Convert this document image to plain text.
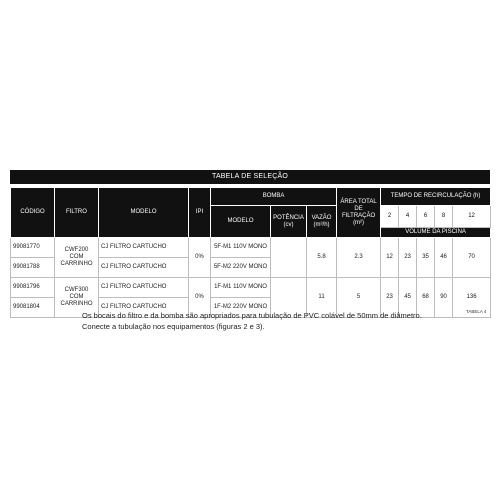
TABELA DE SELEÇÃO
CÓDIGO	FILTRO	MODELO	IPI	BOMBA			ÁREA TOTAL DE FILTRAÇÃO (m²)	TEMPO DE RECIRCULAÇÃO (h)				
				MODELO	POTÊNCIA (cv)	VAZÃO (m³/h)		2	4	6	8	12
								VOLUME DA PISCINA				
99081770	CWF200 COM CARRINHO	CJ FILTRO CARTUCHO	0%	5F-M1 110V MONO		5.8	2.3	12	23	35	46	70
99081788		CJ FILTRO CARTUCHO		5F-M2 220V MONO								
99081796	CWF300 COM CARRINHO	CJ FILTRO CARTUCHO	0%	1F-M1 110V MONO		11	5	23	45	68	90	136
99081804		CJ FILTRO CARTUCHO		1F-M2 220V MONO								
TABELA 4
Os bocais do filtro e da bomba são apropriados para tubulação de PVC colável de 50mm de diâmetro.
Conecte a tubulação nos equipamentos (figuras 2 e 3).
